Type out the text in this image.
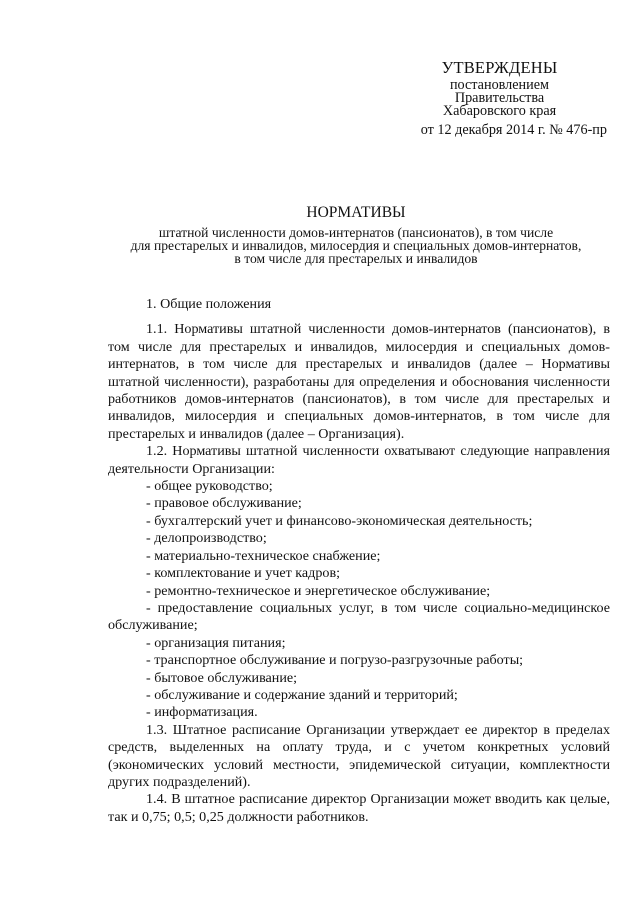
УТВЕРЖДЕНЫ
постановлением
Правительства
Хабаровского края
от 12 декабря 2014 г. № 476-пр
НОРМАТИВЫ
штатной численности домов-интернатов (пансионатов), в том числе
для престарелых и инвалидов, милосердия и специальных домов-интернатов,
в том числе для престарелых и инвалидов

1. Общие положения

1.1. Нормативы штатной численности домов-интернатов (пансионатов), в том числе для престарелых и инвалидов, милосердия и специальных домов-интернатов, в том числе для престарелых и инвалидов (далее – Нормативы штатной численности), разработаны для определения и обоснования численности работников домов-интернатов (пансионатов), в том числе для престарелых и инвалидов, милосердия и специальных домов-интернатов, в том числе для престарелых и инвалидов (далее – Организация).

1.2. Нормативы штатной численности охватывают следующие направления деятельности Организации:

- общее руководство;

- правовое обслуживание;

- бухгалтерский учет и финансово-экономическая деятельность;

- делопроизводство;

- материально-техническое снабжение;

- комплектование и учет кадров;

- ремонтно-техническое и энергетическое обслуживание;

- предоставление социальных услуг, в том числе социально-медицинское обслуживание;

- организация питания;

- транспортное обслуживание и погрузо-разгрузочные работы;

- бытовое обслуживание;

- обслуживание и содержание зданий и территорий;

- информатизация.

1.3. Штатное расписание Организации утверждает ее директор в пределах средств, выделенных на оплату труда, и с учетом конкретных условий (экономических условий местности, эпидемической ситуации, комплектности других подразделений).

1.4. В штатное расписание директор Организации может вводить как целые, так и 0,75; 0,5; 0,25 должности работников.
